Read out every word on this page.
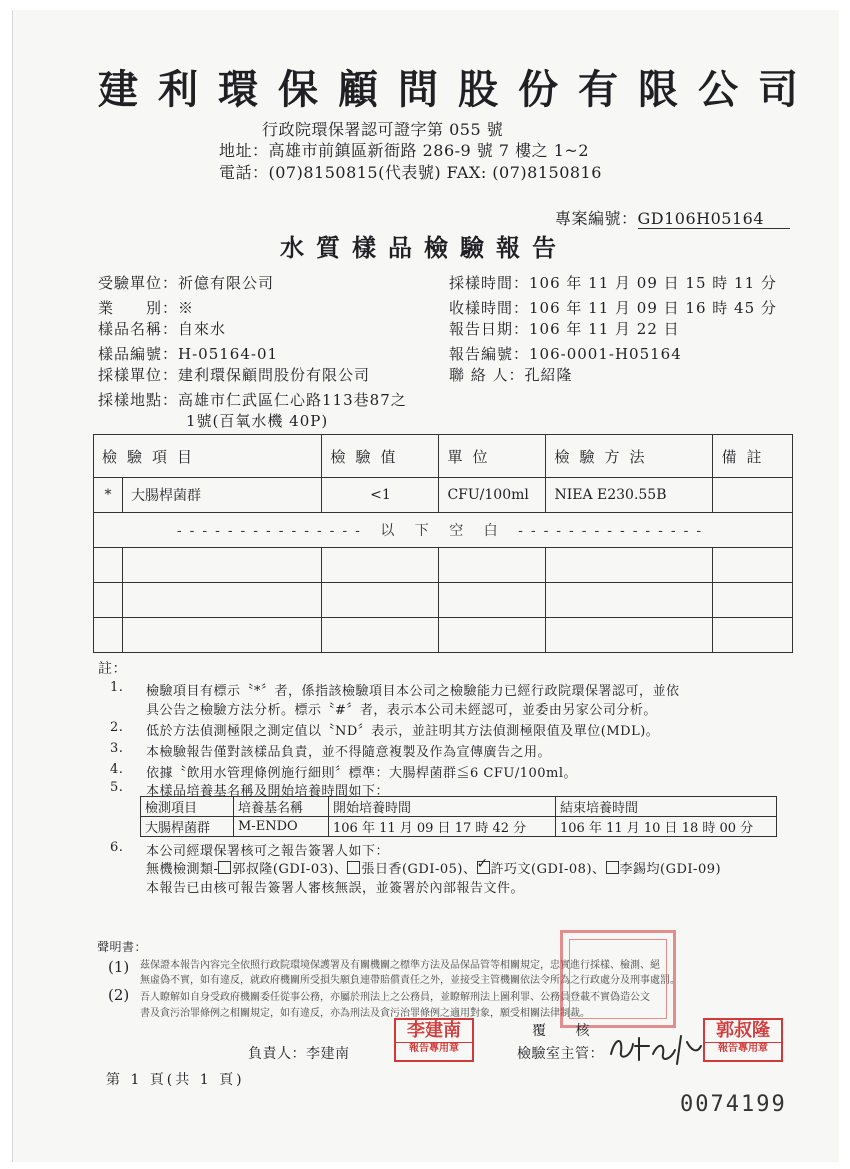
建利環保顧問股份有限公司
行政院環保署認可證字第 055 號
地址：高雄市前鎮區新衙路 286-9 號 7 樓之 1~2
電話：(07)8150815(代表號) FAX: (07)8150816
專案編號：GD106H05164
水質樣品檢驗報告
受驗單位：祈億有限公司
業　　別：※
樣品名稱：自來水
樣品編號：H-05164-01
採樣單位：建利環保顧問股份有限公司
採樣時間：106 年 11 月 09 日 15 時 11 分
收樣時間：106 年 11 月 09 日 16 時 45 分
報告日期：106 年 11 月 22 日
報告編號：106-0001-H05164
聯 絡 人：孔紹隆
採樣地點：高雄市仁武區仁心路113巷87之
1號(百氧水機 40P)
檢驗項目		檢驗值	單位	檢驗方法	備註
*	大腸桿菌群	<1	CFU/100ml	NIEA E230.55B	
--------------- 以 下 空 白 ---------------					

註：
1. 檢驗項目有標示〝*〞者，係指該檢驗項目本公司之檢驗能力已經行政院環保署認可，並依
具公告之檢驗方法分析。標示〝#〞者，表示本公司未經認可，並委由另家公司分析。
2. 低於方法偵測極限之測定值以〝ND〞表示，並註明其方法偵測極限值及單位(MDL)。
3. 本檢驗報告僅對該樣品負責，並不得隨意複製及作為宣傳廣告之用。
4. 依據〝飲用水管理條例施行細則〞標準：大腸桿菌群≦6 CFU/100ml。
5. 本樣品培養基名稱及開始培養時間如下：
檢測項目	培養基名稱	開始培養時間	結束培養時間
大腸桿菌群	M-ENDO	106 年 11 月 09 日 17 時 42 分	106 年 11 月 10 日 18 時 00 分
6. 本公司經環保署核可之報告簽署人如下：
無機檢測類- 郭叔隆(GDI-03)、 張日香(GDI-05)、 ✓ 許巧文(GDI-08)、 李錫均(GDI-09)
本報告已由核可報告簽署人審核無誤，並簽署於內部報告文件。
聲明書：
(1) 茲保證本報告內容完全依照行政院環境保護署及有關機關之標準方法及品保品管等相關規定，忠實進行採樣、檢測、絕
無虛偽不實，如有違反，就政府機關所受損失願負連帶賠償責任之外，並接受主管機關依法令所為之行政處分及刑事處罰。
(2) 吾人瞭解如自身受政府機關委任從事公務，亦屬於刑法上之公務員，並瞭解刑法上圖利罪、公務員登載不實偽造公文
書及貪污治罪條例之相關規定，如有違反，亦為刑法及貪污治罪條例之適用對象，願受相關法律制裁。
負責人：李建南
覆　　核
檢驗室主管：
李建南
報告專用章
郭叔隆
報告專用章
第 1 頁(共 1 頁)
0074199
